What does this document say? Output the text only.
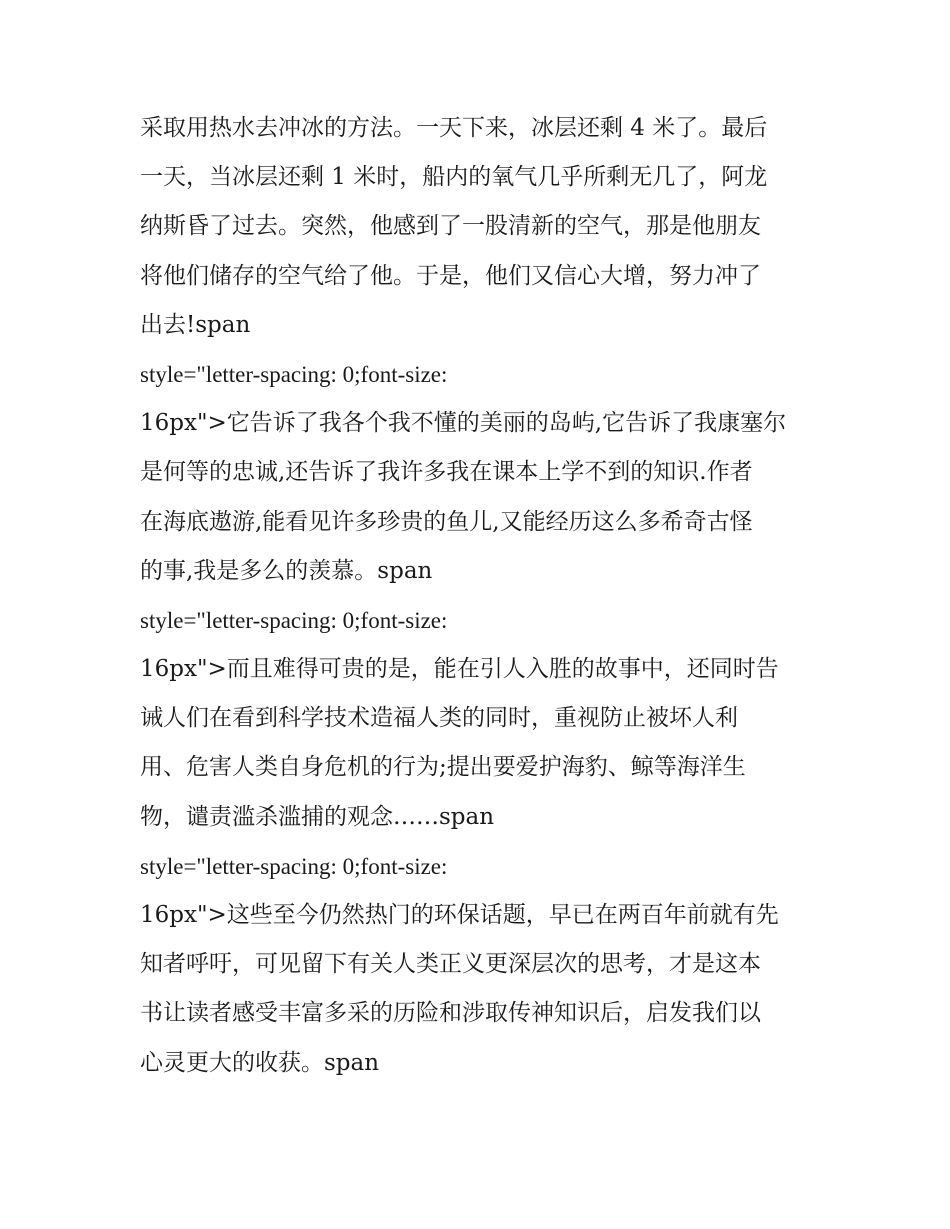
采取用热水去冲冰的方法。一天下来，冰层还剩 4 米了。最后
一天，当冰层还剩 1 米时，船内的氧气几乎所剩无几了，阿龙
纳斯昏了过去。突然，他感到了一股清新的空气，那是他朋友
将他们储存的空气给了他。于是，他们又信心大增，努力冲了
出去!span
style="letter-spacing: 0;font-size:
16px">它告诉了我各个我不懂的美丽的岛屿,它告诉了我康塞尔
是何等的忠诚,还告诉了我许多我在课本上学不到的知识.作者
在海底遨游,能看见许多珍贵的鱼儿,又能经历这么多希奇古怪
的事,我是多么的羡慕。span
style="letter-spacing: 0;font-size:
16px">而且难得可贵的是，能在引人入胜的故事中，还同时告
诫人们在看到科学技术造福人类的同时，重视防止被坏人利
用、危害人类自身危机的行为;提出要爱护海豹、鲸等海洋生
物，谴责滥杀滥捕的观念……span
style="letter-spacing: 0;font-size:
16px">这些至今仍然热门的环保话题，早已在两百年前就有先
知者呼吁，可见留下有关人类正义更深层次的思考，才是这本
书让读者感受丰富多采的历险和涉取传神知识后，启发我们以
心灵更大的收获。span
